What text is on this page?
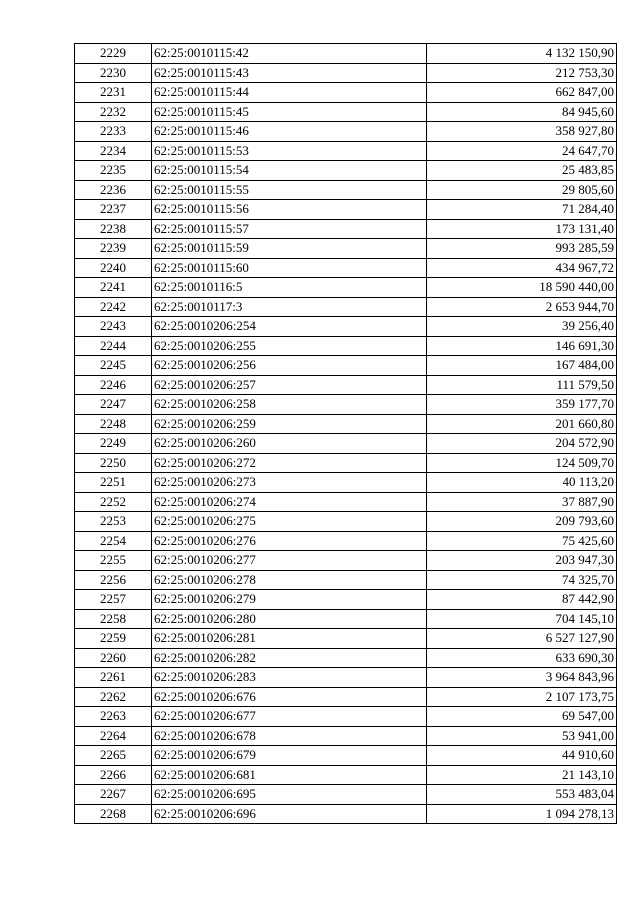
2229	62:25:0010115:42	4 132 150,90
2230	62:25:0010115:43	212 753,30
2231	62:25:0010115:44	662 847,00
2232	62:25:0010115:45	84 945,60
2233	62:25:0010115:46	358 927,80
2234	62:25:0010115:53	24 647,70
2235	62:25:0010115:54	25 483,85
2236	62:25:0010115:55	29 805,60
2237	62:25:0010115:56	71 284,40
2238	62:25:0010115:57	173 131,40
2239	62:25:0010115:59	993 285,59
2240	62:25:0010115:60	434 967,72
2241	62:25:0010116:5	18 590 440,00
2242	62:25:0010117:3	2 653 944,70
2243	62:25:0010206:254	39 256,40
2244	62:25:0010206:255	146 691,30
2245	62:25:0010206:256	167 484,00
2246	62:25:0010206:257	111 579,50
2247	62:25:0010206:258	359 177,70
2248	62:25:0010206:259	201 660,80
2249	62:25:0010206:260	204 572,90
2250	62:25:0010206:272	124 509,70
2251	62:25:0010206:273	40 113,20
2252	62:25:0010206:274	37 887,90
2253	62:25:0010206:275	209 793,60
2254	62:25:0010206:276	75 425,60
2255	62:25:0010206:277	203 947,30
2256	62:25:0010206:278	74 325,70
2257	62:25:0010206:279	87 442,90
2258	62:25:0010206:280	704 145,10
2259	62:25:0010206:281	6 527 127,90
2260	62:25:0010206:282	633 690,30
2261	62:25:0010206:283	3 964 843,96
2262	62:25:0010206:676	2 107 173,75
2263	62:25:0010206:677	69 547,00
2264	62:25:0010206:678	53 941,00
2265	62:25:0010206:679	44 910,60
2266	62:25:0010206:681	21 143,10
2267	62:25:0010206:695	553 483,04
2268	62:25:0010206:696	1 094 278,13
